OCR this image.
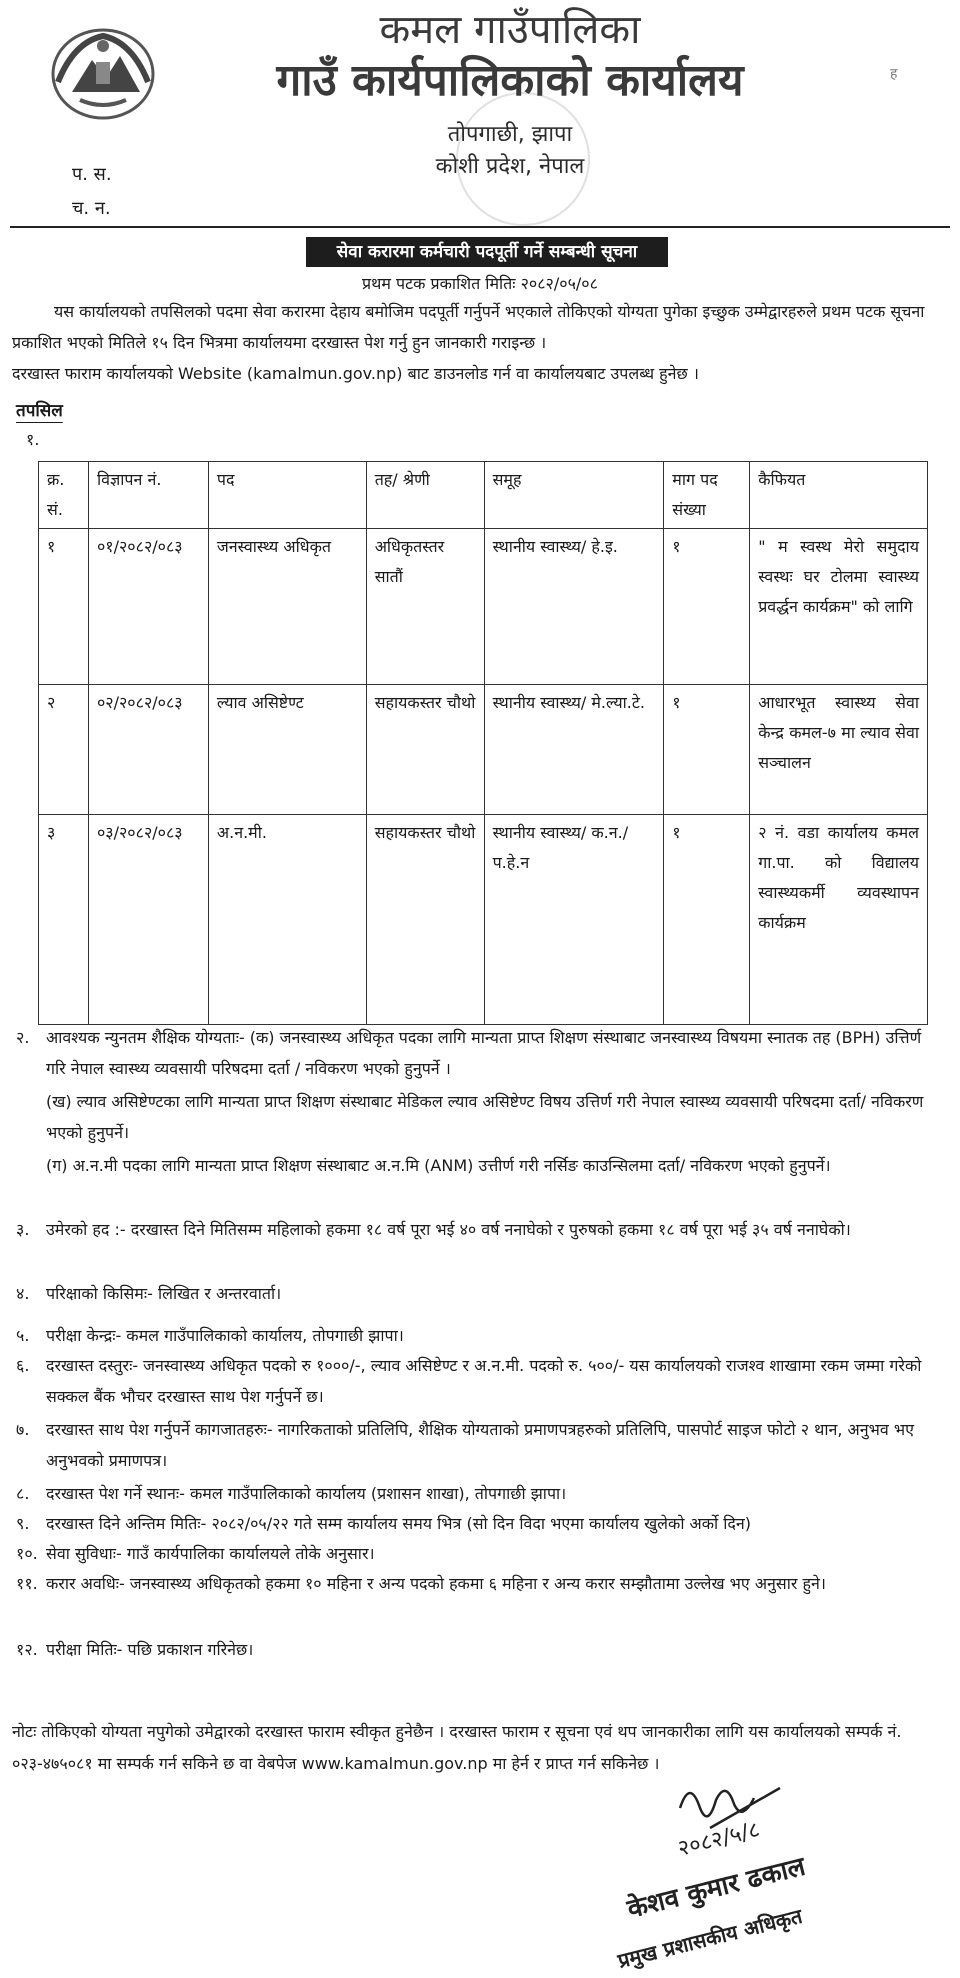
प. स.
च. न.
कमल गाउँपालिका
गाउँ कार्यपालिकाको कार्यालय
तोपगाछी, झापा
कोशी प्रदेश, नेपाल
ह
सेवा करारमा कर्मचारी पदपूर्ती गर्ने सम्बन्धी सूचना
प्रथम पटक प्रकाशित मितिः २०८२/०५/०८
यस कार्यालयको तपसिलको पदमा सेवा करारमा देहाय बमोजिम पदपूर्ती गर्नुपर्ने भएकाले तोकिएको योग्यता पुगेका इच्छुक उम्मेद्वारहरुले प्रथम पटक सूचना प्रकाशित भएको मितिले १५ दिन भित्रमा कार्यालयमा दरखास्त पेश गर्नु हुन जानकारी गराइन्छ ।
दरखास्त फाराम कार्यालयको Website (kamalmun.gov.np) बाट डाउनलोड गर्न वा कार्यालयबाट उपलब्ध हुनेछ ।
तपसिल
१.
क्र. सं.	विज्ञापन नं.	पद	तह/ श्रेणी	समूह	माग पद संख्या	कैफियत
१	०१/२०८२/०८३	जनस्वास्थ्य अधिकृत	अधिकृतस्तर सातौं	स्थानीय स्वास्थ्य/ हे.इ.	१	" म स्वस्थ मेरो समुदाय स्वस्थः घर टोलमा स्वास्थ्य प्रवर्द्धन कार्यक्रम" को लागि
२	०२/२०८२/०८३	ल्याव असिष्टेण्ट	सहायकस्तर चौथो	स्थानीय स्वास्थ्य/ मे.ल्या.टे.	१	आधारभूत स्वास्थ्य सेवा केन्द्र कमल-७ मा ल्याव सेवा सञ्चालन
३	०३/२०८२/०८३	अ.न.मी.	सहायकस्तर चौथो	स्थानीय स्वास्थ्य/ क.न./ प.हे.न	१	२ नं. वडा कार्यालय कमल गा.पा. को विद्यालय स्वास्थ्यकर्मी व्यवस्थापन कार्यक्रम
२. आवश्यक न्युनतम शैक्षिक योग्यताः- (क) जनस्वास्थ्य अधिकृत पदका लागि मान्यता प्राप्त शिक्षण संस्थाबाट जनस्वास्थ्य विषयमा स्नातक तह (BPH) उत्तिर्ण गरि नेपाल स्वास्थ्य व्यवसायी परिषदमा दर्ता / नविकरण भएको हुनुपर्ने ।
(ख) ल्याव असिष्टेण्टका लागि मान्यता प्राप्त शिक्षण संस्थाबाट मेडिकल ल्याव असिष्टेण्ट विषय उत्तिर्ण गरी नेपाल स्वास्थ्य व्यवसायी परिषदमा दर्ता/ नविकरण भएको हुनुपर्ने।
(ग) अ.न.मी पदका लागि मान्यता प्राप्त शिक्षण संस्थाबाट अ.न.मि (ANM) उत्तीर्ण गरी नर्सिङ काउन्सिलमा दर्ता/ नविकरण भएको हुनुपर्ने।
३. उमेरको हद :- दरखास्त दिने मितिसम्म महिलाको हकमा १८ वर्ष पूरा भई ४० वर्ष ननाघेको र पुरुषको हकमा १८ वर्ष पूरा भई ३५ वर्ष ननाघेको।
४. परिक्षाको किसिमः- लिखित र अन्तरवार्ता।
५. परीक्षा केन्द्रः- कमल गाउँपालिकाको कार्यालय, तोपगाछी झापा।
६. दरखास्त दस्तुरः- जनस्वास्थ्य अधिकृत पदको रु १०००/-, ल्याव असिष्टेण्ट र अ.न.मी. पदको रु. ५००/- यस कार्यालयको राजश्व शाखामा रकम जम्मा गरेको सक्कल बैंक भौचर दरखास्त साथ पेश गर्नुपर्ने छ।
७. दरखास्त साथ पेश गर्नुपर्ने कागजातहरुः- नागरिकताको प्रतिलिपि, शैक्षिक योग्यताको प्रमाणपत्रहरुको प्रतिलिपि, पासपोर्ट साइज फोटो २ थान, अनुभव भए अनुभवको प्रमाणपत्र।
८. दरखास्त पेश गर्ने स्थानः- कमल गाउँपालिकाको कार्यालय (प्रशासन शाखा), तोपगाछी झापा।
९. दरखास्त दिने अन्तिम मितिः- २०८२/०५/२२ गते सम्म कार्यालय समय भित्र (सो दिन विदा भएमा कार्यालय खुलेको अर्को दिन)
१०. सेवा सुविधाः- गाउँ कार्यपालिका कार्यालयले तोके अनुसार।
११. करार अवधिः- जनस्वास्थ्य अधिकृतको हकमा १० महिना र अन्य पदको हकमा ६ महिना र अन्य करार सम्झौतामा उल्लेख भए अनुसार हुने।
१२. परीक्षा मितिः- पछि प्रकाशन गरिनेछ।
नोटः तोकिएको योग्यता नपुगेको उमेद्वारको दरखास्त फाराम स्वीकृत हुनेछैन । दरखास्त फाराम र सूचना एवं थप जानकारीका लागि यस कार्यालयको सम्पर्क नं. ०२३-४७५०८१ मा सम्पर्क गर्न सकिने छ वा वेबपेज www.kamalmun.gov.np मा हेर्न र प्राप्त गर्न सकिनेछ ।
२०८२/५/८
केशव कुमार ढकाल
प्रमुख प्रशासकीय अधिकृत
